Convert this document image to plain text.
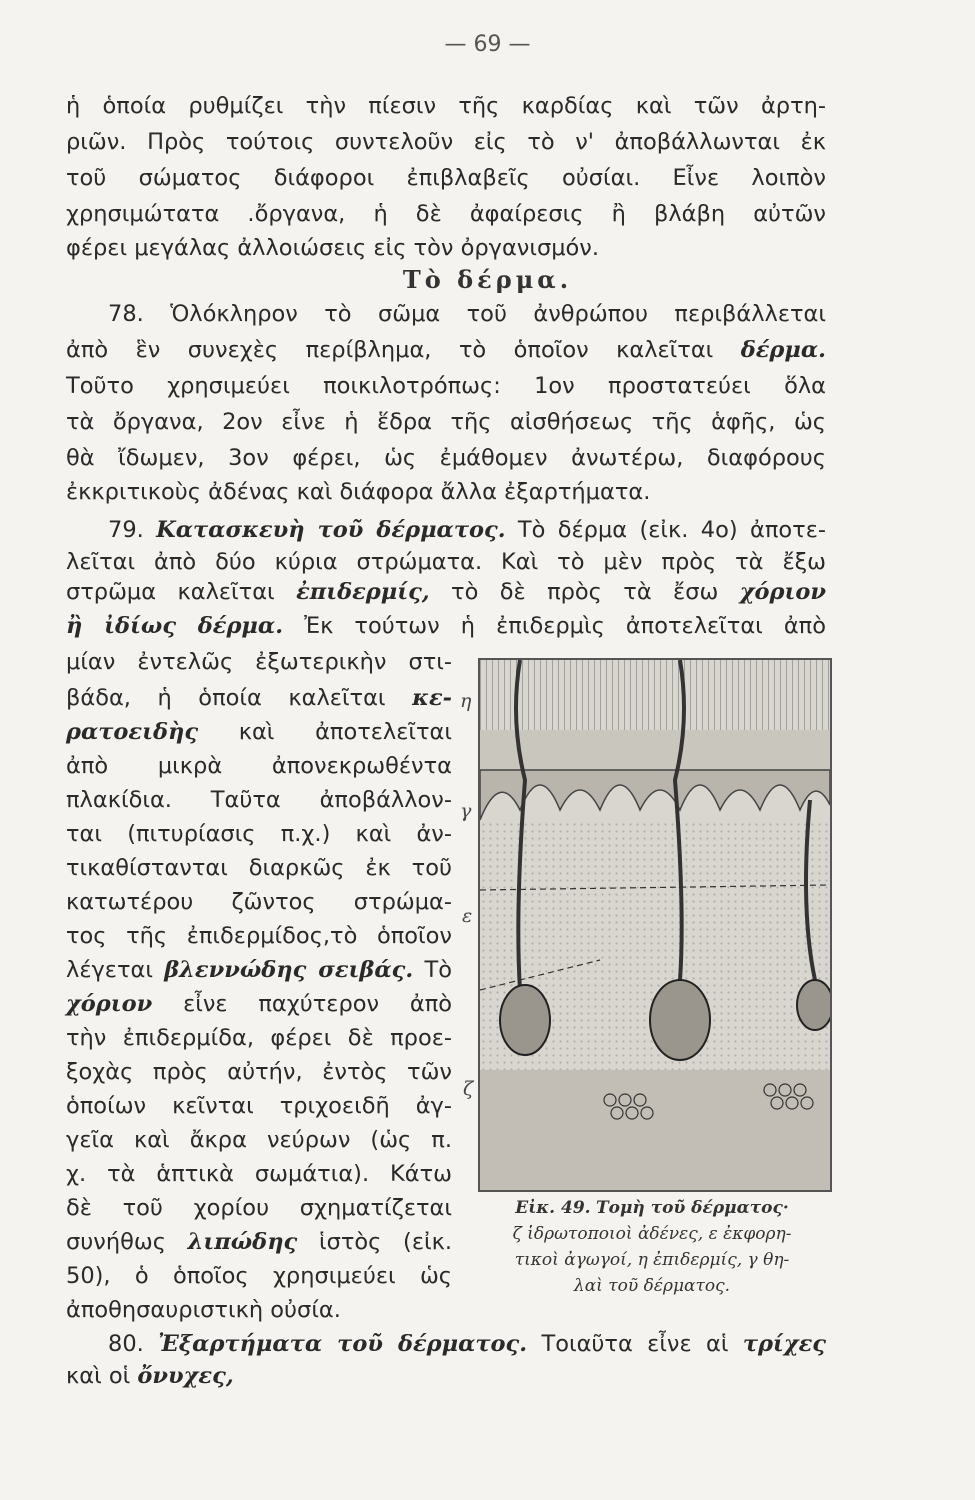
— 69 —
ἡ ὁποία ρυθμίζει τὴν πίεσιν τῆς καρδίας καὶ τῶν ἀρτη-
ριῶν. Πρὸς τούτοις συντελοῦν εἰς τὸ ν' ἀποβάλλωνται ἐκ
τοῦ σώματος διάφοροι ἐπιβλαβεῖς οὐσίαι. Εἶνε λοιπὸν
χρησιμώτατα .ὄργανα, ἡ δὲ ἀφαίρεσις ἢ βλάβη αὐτῶν
φέρει μεγάλας ἀλλοιώσεις εἰς τὸν ὀργανισμόν.
Τὸ δέρμα.
78. Ὁλόκληρον τὸ σῶμα τοῦ ἀνθρώπου περιβάλλεται
ἀπὸ ἓν συνεχὲς περίβλημα, τὸ ὁποῖον καλεῖται δέρμα.
Τοῦτο χρησιμεύει ποικιλοτρόπως: 1ον προστατεύει ὅλα
τὰ ὄργανα, 2ον εἶνε ἡ ἕδρα τῆς αἰσθήσεως τῆς ἁφῆς, ὡς
θὰ ἴδωμεν, 3ον φέρει, ὡς ἐμάθομεν ἀνωτέρω, διαφόρους
ἐκκριτικοὺς ἀδένας καὶ διάφορα ἄλλα ἐξαρτήματα.
79. Κατασκευὴ τοῦ δέρματος. Τὸ δέρμα (εἰκ. 4ο) ἀποτε-
λεῖται ἀπὸ δύο κύρια στρώματα. Καὶ τὸ μὲν πρὸς τὰ ἔξω
στρῶμα καλεῖται ἐπιδερμίς, τὸ δὲ πρὸς τὰ ἔσω χόριον
ἢ ἰδίως δέρμα. Ἐκ τούτων ἡ ἐπιδερμὶς ἀποτελεῖται ἀπὸ
μίαν ἐντελῶς ἐξωτερικὴν στι-
βάδα, ἡ ὁποία καλεῖται κε-
ρατοειδὴς καὶ ἀποτελεῖται
ἀπὸ μικρὰ ἀπονεκρωθέντα
πλακίδια. Ταῦτα ἀποβάλλον-
ται (πιτυρίασις π.χ.) καὶ ἀν-
τικαθίστανται διαρκῶς ἐκ τοῦ
κατωτέρου ζῶντος στρώμα-
τος τῆς ἐπιδερμίδος,τὸ ὁποῖον
λέγεται βλεννώδης σειβάς. Τὸ
χόριον εἶνε παχύτερον ἀπὸ
τὴν ἐπιδερμίδα, φέρει δὲ προε-
ξοχὰς πρὸς αὐτήν, ἐντὸς τῶν
ὁποίων κεῖνται τριχοειδῆ ἀγ-
γεῖα καὶ ἄκρα νεύρων (ὡς π.
χ. τὰ ἁπτικὰ σωμάτια). Κάτω
δὲ τοῦ χορίου σχηματίζεται
συνήθως λιπώδης ἱστὸς (εἰκ.
50), ὁ ὁποῖος χρησιμεύει ὡς
ἀποθησαυριστικὴ οὐσία.
η
γ
ε
ζ
Εἰκ. 49. Τομὴ τοῦ δέρματος·
ζ ἱδρωτοποιοὶ ἀδένες, ε ἐκφορη-
τικοὶ ἀγωγοί, η ἐπιδερμίς, γ θη-
λαὶ τοῦ δέρματος.
80. Ἐξαρτήματα τοῦ δέρματος. Τοιαῦτα εἶνε αἱ τρίχες
καὶ οἱ ὄνυχες,
